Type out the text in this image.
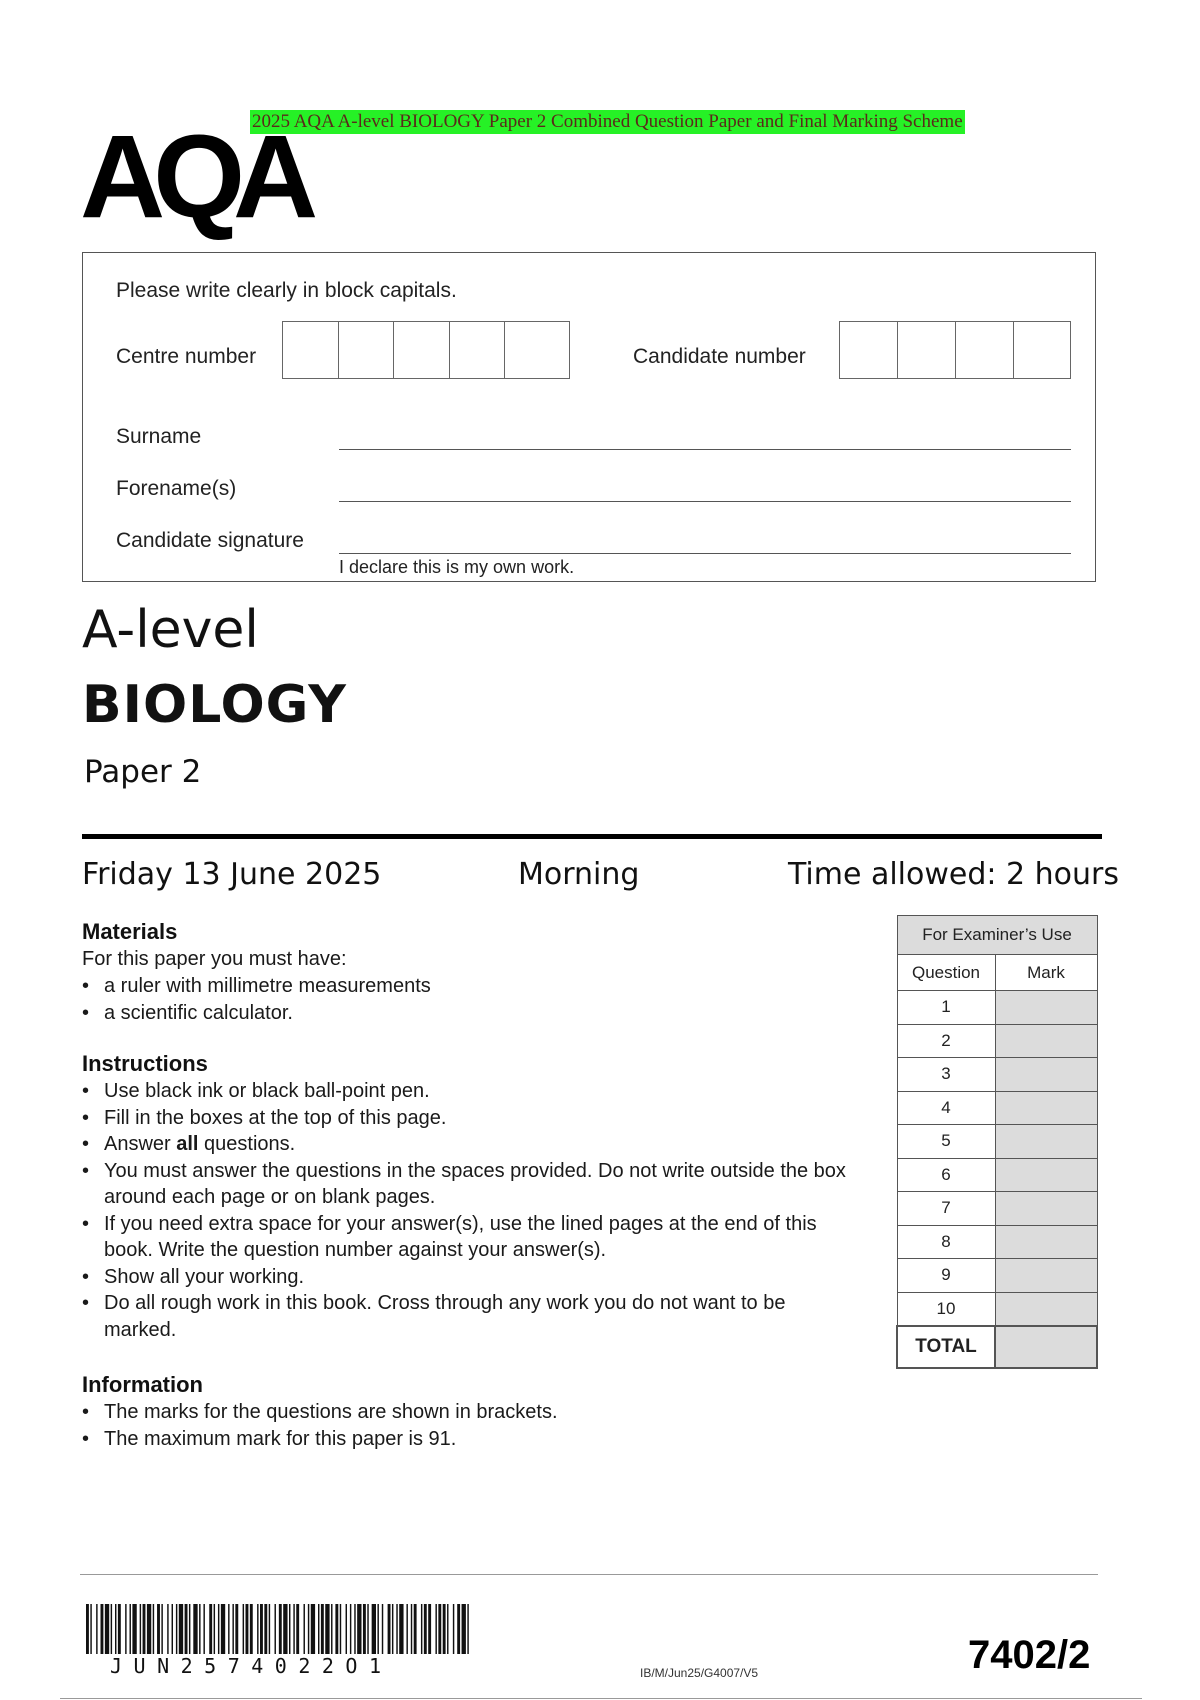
2025 AQA A-level BIOLOGY Paper 2 Combined Question Paper and Final Marking Scheme
AQA
Please write clearly in block capitals.
Centre number	Candidate number
Surname
Forename(s)
Candidate signature
I declare this is my own work.
A-level
BIOLOGY
Paper 2
Friday 13 June 2025	Morning	Time allowed: 2 hours
Materials
For this paper you must have:
• a ruler with millimetre measurements
• a scientific calculator.
Instructions
• Use black ink or black ball-point pen.
• Fill in the boxes at the top of this page.
• Answer all questions.
• You must answer the questions in the spaces provided. Do not write outside the box around each page or on blank pages.
• If you need extra space for your answer(s), use the lined pages at the end of this book. Write the question number against your answer(s).
• Show all your working.
• Do all rough work in this book. Cross through any work you do not want to be marked.
Information
• The marks for the questions are shown in brackets.
• The maximum mark for this paper is 91.
For Examiner’s Use	
Question	Mark
1	
2	
3	
4	
5	
6	
7	
8	
9	
10	
TOTAL	
JUN2574022O1	IB/M/Jun25/G4007/V5	7402/2
